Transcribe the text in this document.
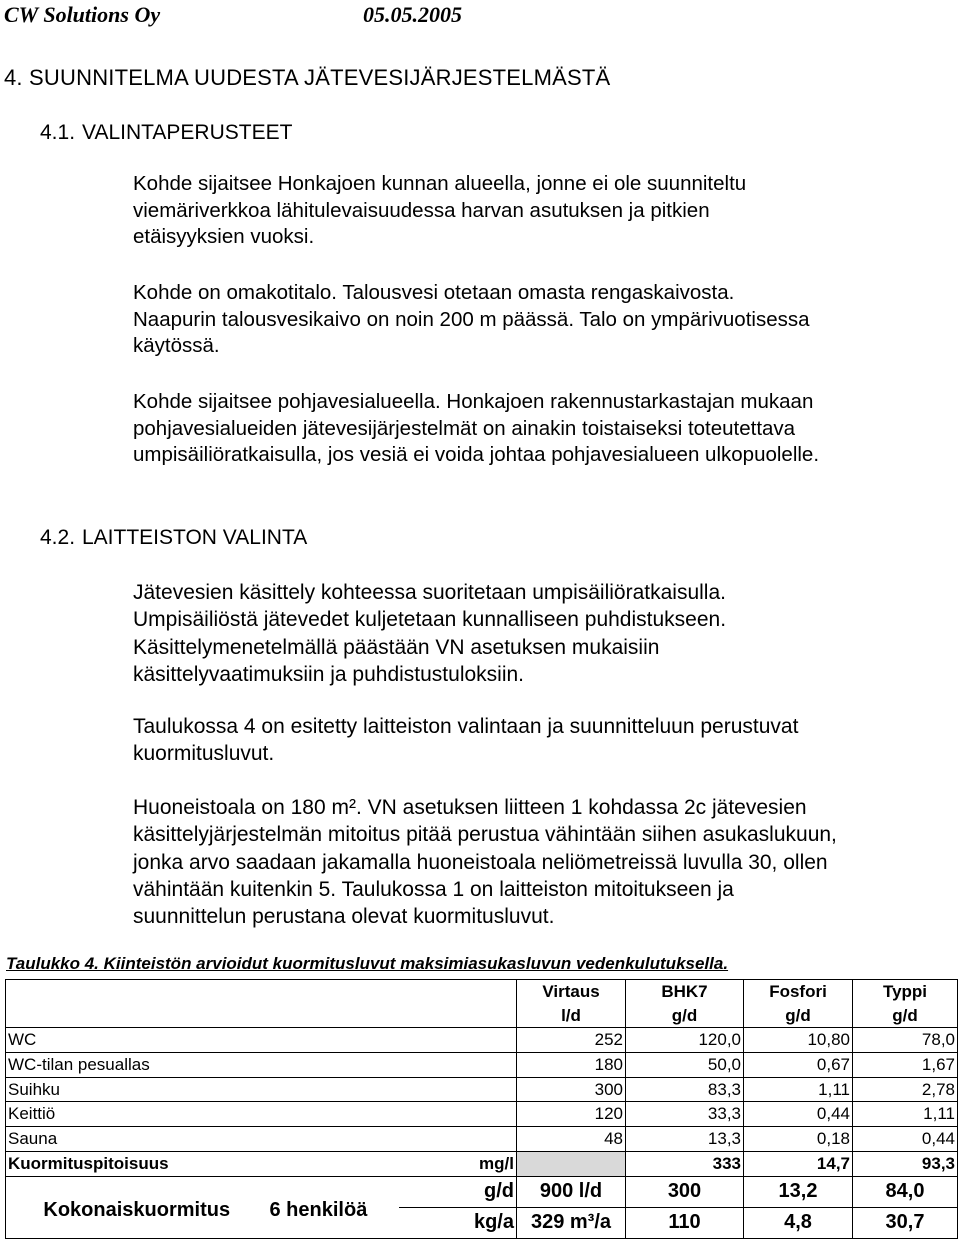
CW Solutions Oy	05.05.2005
4. SUUNNITELMA UUDESTA JÄTEVESIJÄRJESTELMÄSTÄ
4.1. VALINTAPERUSTEET
Kohde sijaitsee Honkajoen kunnan alueella, jonne ei ole suunniteltu
viemäriverkkoa lähitulevaisuudessa harvan asutuksen ja pitkien
etäisyyksien vuoksi.
Kohde on omakotitalo. Talousvesi otetaan omasta rengaskaivosta.
Naapurin talousvesikaivo on noin 200 m päässä. Talo on ympärivuotisessa
käytössä.
Kohde sijaitsee pohjavesialueella. Honkajoen rakennustarkastajan mukaan
pohjavesialueiden jätevesijärjestelmät on ainakin toistaiseksi toteutettava
umpisäiliöratkaisulla, jos vesiä ei voida johtaa pohjavesialueen ulkopuolelle.
4.2. LAITTEISTON VALINTA
Jätevesien käsittely kohteessa suoritetaan umpisäiliöratkaisulla.
Umpisäiliöstä jätevedet kuljetetaan kunnalliseen puhdistukseen.
Käsittelymenetelmällä päästään VN asetuksen mukaisiin
käsittelyvaatimuksiin ja puhdistustuloksiin.
Taulukossa 4 on esitetty laitteiston valintaan ja suunnitteluun perustuvat
kuormitusluvut.
Huoneistoala on 180 m². VN asetuksen liitteen 1 kohdassa 2c jätevesien
käsittelyjärjestelmän mitoitus pitää perustua vähintään siihen asukaslukuun,
jonka arvo saadaan jakamalla huoneistoala neliömetreissä luvulla 30, ollen
vähintään kuitenkin 5. Taulukossa 1 on laitteiston mitoitukseen ja
suunnittelun perustana olevat kuormitusluvut.
Taulukko 4. Kiinteistön arvioidut kuormitusluvut maksimiasukasluvun vedenkulutuksella.
			Virtaus	BHK7	Fosfori	Typpi
			l/d	g/d	g/d	g/d
WC			252	120,0	10,80	78,0
WC-tilan pesuallas			180	50,0	0,67	1,67
Suihku			300	83,3	1,11	2,78
Keittiö			120	33,3	0,44	1,11
Sauna			48	13,3	0,18	0,44
Kuormituspitoisuus		mg/l		333	14,7	93,3
Kokonaiskuormitus	6 henkilöä	g/d	900 l/d	300	13,2	84,0
		kg/a	329 m³/a	110	4,8	30,7
